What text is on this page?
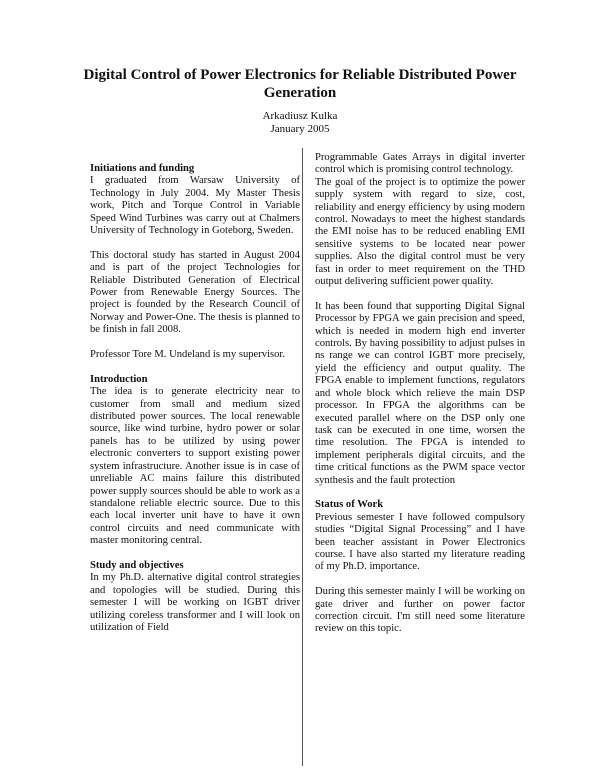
Digital Control of Power Electronics for Reliable Distributed Power Generation
Arkadiusz Kulka
January 2005
Initiations and funding

I graduated from Warsaw University of Technology in July 2004. My Master Thesis work, Pitch and Torque Control in Variable Speed Wind Turbines was carry out at Chalmers University of Technology in Goteborg, Sweden.

This doctoral study has started in August 2004 and is part of the project Technologies for Reliable Distributed Generation of Electrical Power from Renewable Energy Sources. The project is founded by the Research Council of Norway and Power-One. The thesis is planned to be finish in fall 2008.

Professor Tore M. Undeland is my supervisor.

Introduction

The idea is to generate electricity near to customer from small and medium sized distributed power sources. The local renewable source, like wind turbine, hydro power or solar panels has to be utilized by using power electronic converters to support existing power system infrastructure. Another issue is in case of unreliable AC mains failure this distributed power supply sources should be able to work as a standalone reliable electric source. Due to this each local inverter unit have to have it own control circuits and need communicate with master monitoring central.

Study and objectives

In my Ph.D. alternative digital control strategies and topologies will be studied. During this semester I will be working on IGBT driver utilizing coreless transformer and I will look on utilization of Field

Programmable Gates Arrays in digital inverter control which is promising control technology.

The goal of the project is to optimize the power supply system with regard to size, cost, reliability and energy efficiency by using modern control. Nowadays to meet the highest standards the EMI noise has to be reduced enabling EMI sensitive systems to be located near power supplies. Also the digital control must be very fast in order to meet requirement on the THD output delivering sufficient power quality.

It has been found that supporting Digital Signal Processor by FPGA we gain precision and speed, which is needed in modern high end inverter controls. By having possibility to adjust pulses in ns range we can control IGBT more precisely, yield the efficiency and output quality. The FPGA enable to implement functions, regulators and whole block which relieve the main DSP processor. In FPGA the algorithms can be executed parallel where on the DSP only one task can be executed in one time, worsen the time resolution. The FPGA is intended to implement peripherals digital circuits, and the time critical functions as the PWM space vector synthesis and the fault protection

Status of Work

Previous semester I have followed compulsory studies “Digital Signal Processing” and I have been teacher assistant in Power Electronics course. I have also started my literature reading of my Ph.D. importance.

During this semester mainly I will be working on gate driver and further on power factor correction circuit. I'm still need some literature review on this topic.
